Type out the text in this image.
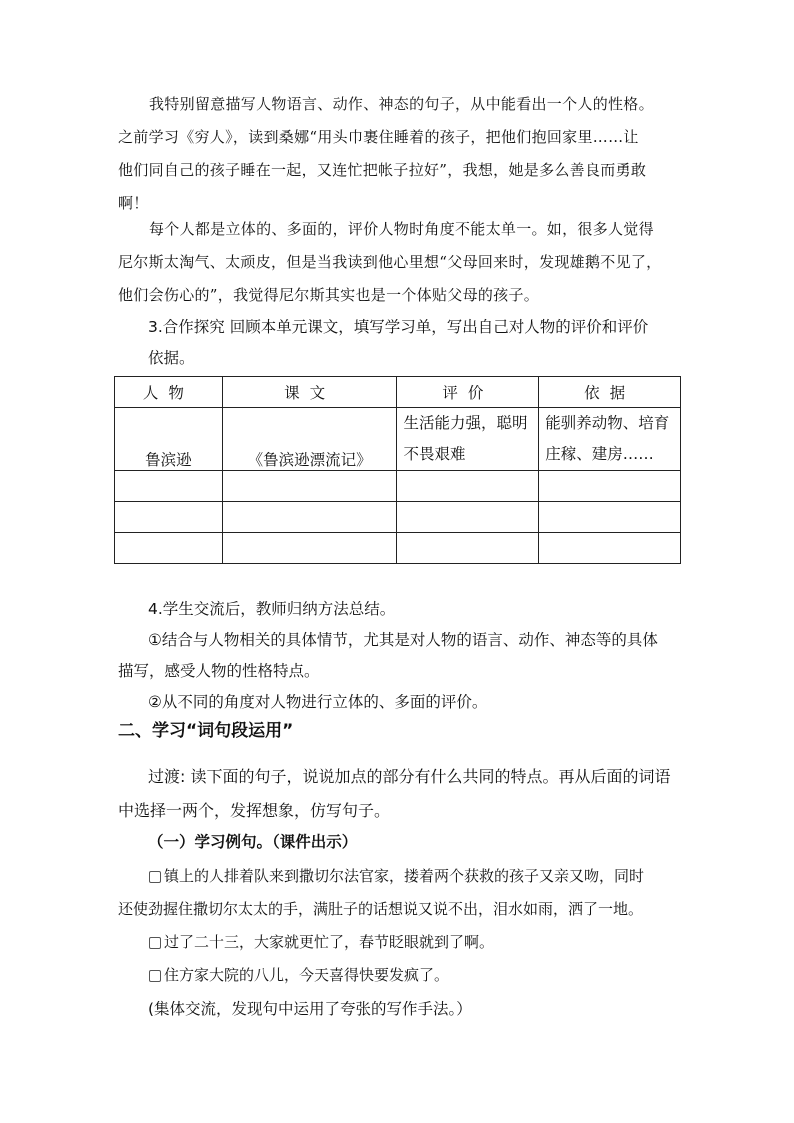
我特别留意描写人物语言、动作、神态的句子，从中能看出一个人的性格。

之前学习《穷人》，读到桑娜“用头巾裹住睡着的孩子，把他们抱回家里……让

他们同自己的孩子睡在一起，又连忙把帐子拉好”，我想，她是多么善良而勇敢

啊！

每个人都是立体的、多面的，评价人物时角度不能太单一。如，很多人觉得

尼尔斯太淘气、太顽皮，但是当我读到他心里想“父母回来时，发现雄鹅不见了，

他们会伤心的”，我觉得尼尔斯其实也是一个体贴父母的孩子。

3.合作探究 回顾本单元课文，填写学习单，写出自己对人物的评价和评价

依据。

人物	课文	评价	依据
鲁滨逊	《鲁滨逊漂流记》	生活能力强，聪明不畏艰难	能驯养动物、培育庄稼、建房……

4.学生交流后，教师归纳方法总结。

①结合与人物相关的具体情节，尤其是对人物的语言、动作、神态等的具体

描写，感受人物的性格特点。

②从不同的角度对人物进行立体的、多面的评价。

二、学习“词句段运用”

过渡: 读下面的句子，说说加点的部分有什么共同的特点。再从后面的词语

中选择一两个，发挥想象，仿写句子。

（一）学习例句。（课件出示）

镇上的人排着队来到撒切尔法官家，搂着两个获救的孩子又亲又吻，同时

还使劲握住撒切尔太太的手，满肚子的话想说又说不出，泪水如雨，洒了一地。

过了二十三，大家就更忙了，春节眨眼就到了啊。

住方家大院的八儿，今天喜得快要发疯了。

(集体交流，发现句中运用了夸张的写作手法。）
